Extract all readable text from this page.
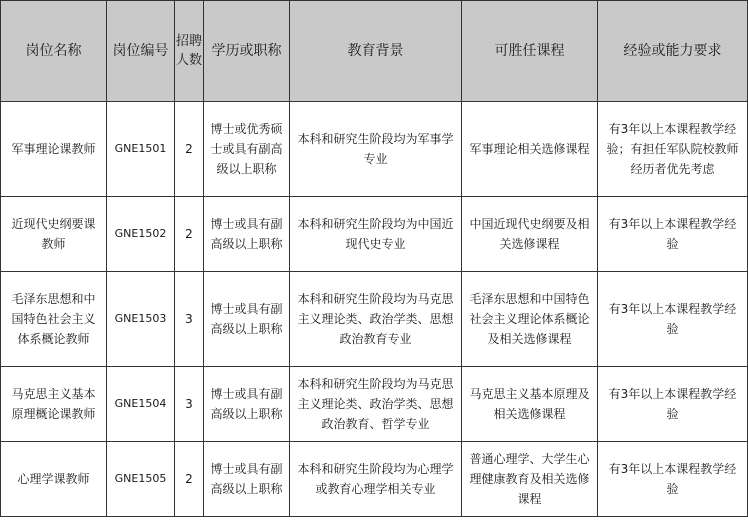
岗位名称	岗位编号	招聘人数	学历或职称	教育背景	可胜任课程	经验或能力要求
军事理论课教师	GNE1501	2	博士或优秀硕士或具有副高级以上职称	本科和研究生阶段均为军事学专业	军事理论相关选修课程	有3年以上本课程教学经验；有担任军队院校教师经历者优先考虑
近现代史纲要课教师	GNE1502	2	博士或具有副高级以上职称	本科和研究生阶段均为中国近现代史专业	中国近现代史纲要及相关选修课程	有3年以上本课程教学经验
毛泽东思想和中国特色社会主义体系概论教师	GNE1503	3	博士或具有副高级以上职称	本科和研究生阶段均为马克思主义理论类、政治学类、思想政治教育专业	毛泽东思想和中国特色社会主义理论体系概论及相关选修课程	有3年以上本课程教学经验
马克思主义基本原理概论课教师	GNE1504	3	博士或具有副高级以上职称	本科和研究生阶段均为马克思主义理论类、政治学类、思想政治教育、哲学专业	马克思主义基本原理及相关选修课程	有3年以上本课程教学经验
心理学课教师	GNE1505	2	博士或具有副高级以上职称	本科和研究生阶段均为心理学或教育心理学相关专业	普通心理学、大学生心理健康教育及相关选修课程	有3年以上本课程教学经验
